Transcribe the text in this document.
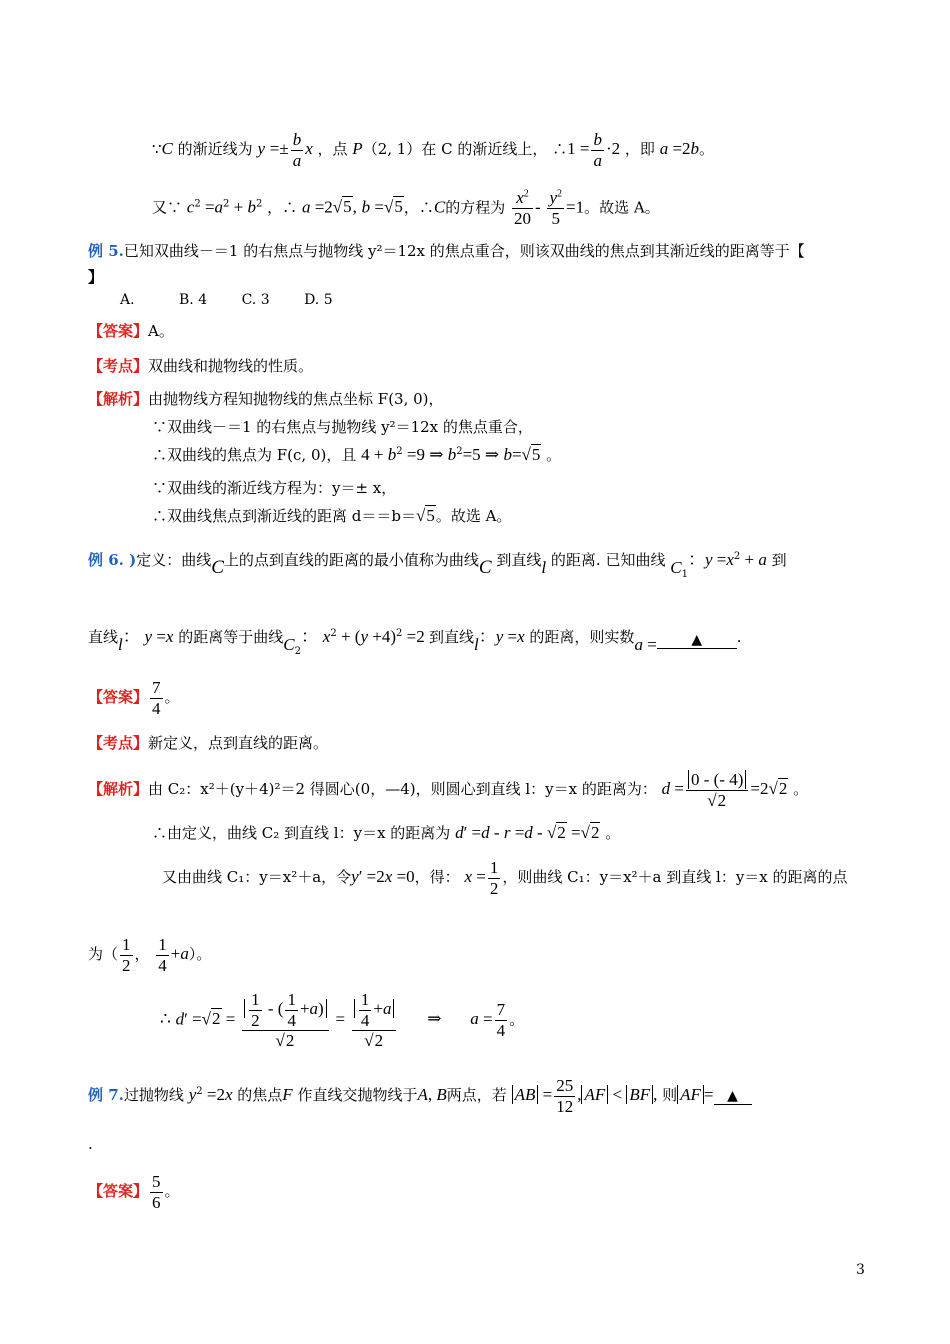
∵C 的渐近线为 $y =\pm \frac{b}{a}$ x ，点 P（2, 1）在 C 的渐近线上， ∴1 = $\frac{b}{a} \cdot 2$ ，即 a =2b。
又∵ $c^2 =a^2 + b^2$ ，∴ a =2√5, b =√5，∴C的方程为 $\frac{x^2}{20} - \frac{y^2}{5} =1$。故选 A。
例 5.已知双曲线－＝1 的右焦点与抛物线 y²＝12x 的焦点重合，则该双曲线的焦点到其渐近线的距离等于【
】
A.	B. 4 C. 3 D. 5
【答案】A。
【考点】双曲线和抛物线的性质。
【解析】由抛物线方程知抛物线的焦点坐标 F(3, 0)，
∵双曲线－＝1 的右焦点与抛物线 y²＝12x 的焦点重合，
∴双曲线的焦点为 F(c, 0)，且 $4 + b^2 =9$ ⇒ $b^2=5$ ⇒ b=√5 。
∵双曲线的渐近线方程为：y＝± x，
∴双曲线焦点到渐近线的距离 d＝＝b＝√5。故选 A。
例 6. )定义：曲线C上的点到直线的距离的最小值称为曲线C 到直线l 的距离. 已知曲线 $C_1$：$y =x^2 + a$ 到
直线l： y =x 的距离等于曲线$C_2$： $x^2 + (y +4)^2 =2$ 到直线l：y =x 的距离，则实数a = ▲ .
【答案】 $\frac{7}{4}$ 。
【考点】新定义，点到直线的距离。
【解析】由 C₂：x²＋(y＋4)²＝2 得圆心(0，—4)，则圆心到直线 l：y＝x 的距离为： $d = \frac{0 - (- 4)}{√2} =2√2$ 。
∴由定义，曲线 C₂ 到直线 l：y＝x 的距离为 d′ =d - r =d - √2 =√2 。
又由曲线 C₁：y＝x²＋a，令y′ =2x =0，得： $x = \frac{1}{2}$ ，则曲线 C₁：y＝x²＋a 到直线 l：y＝x 的距离的点
为（ $\frac{1}{2}$ ， $\frac{1}{4} +a$）。
∴ $d' =√2 = \frac{\frac{1}{2} - ( \frac{1}{4} +a)}{√2} = \frac{\frac{1}{4} +a}{√2}$ ⇒ $a = \frac{7}{4}$ 。
例 7.过抛物线 $y^2 =2x$ 的焦点F 作直线交抛物线于A, B两点，若 AB = $\frac{25}{12}$ , AF < BF , 则 AF = ▲
.
【答案】 $\frac{5}{6}$ 。
3
